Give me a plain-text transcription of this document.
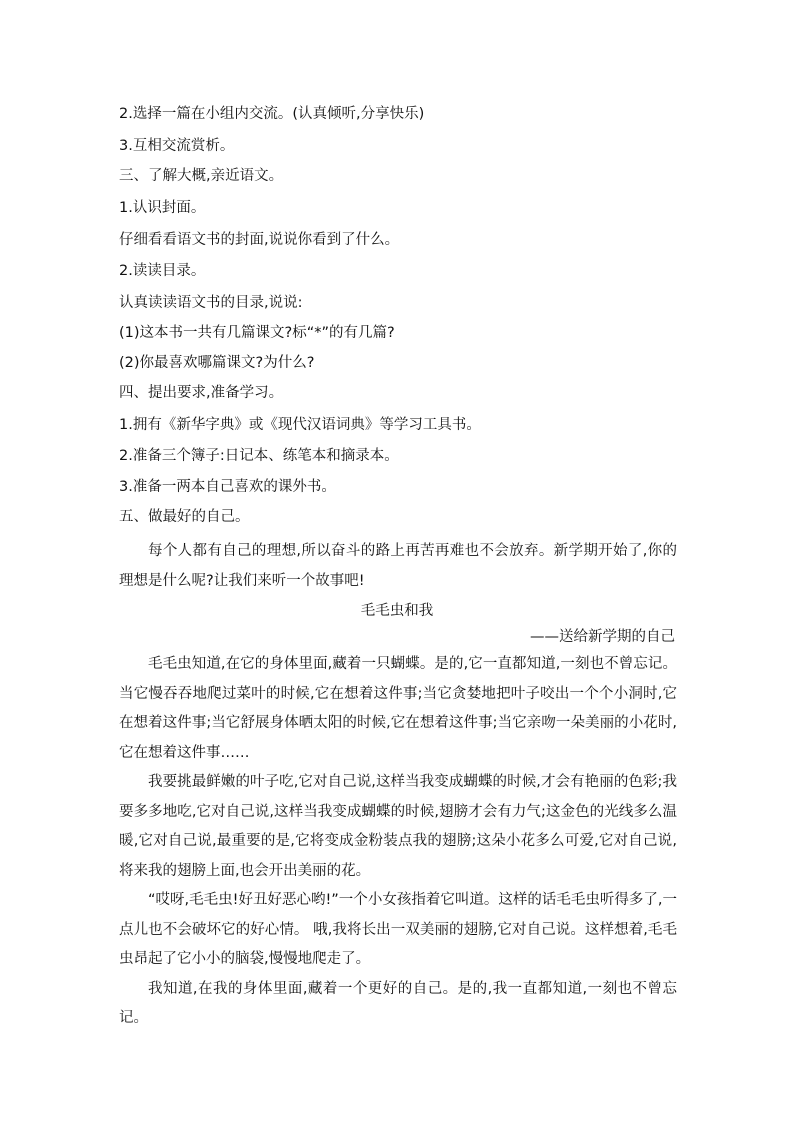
2.选择一篇在小组内交流。(认真倾听,分享快乐)
3.互相交流赏析。
三、了解大概,亲近语文。
1.认识封面。
仔细看看语文书的封面,说说你看到了什么。
2.读读目录。
认真读读语文书的目录,说说:
(1)这本书一共有几篇课文?标“*”的有几篇?
(2)你最喜欢哪篇课文?为什么?
四、提出要求,准备学习。
1.拥有《新华字典》或《现代汉语词典》等学习工具书。
2.准备三个簿子:日记本、练笔本和摘录本。
3.准备一两本自己喜欢的课外书。
五、做最好的自己。

每个人都有自己的理想,所以奋斗的路上再苦再难也不会放弃。新学期开始了,你的理想是什么呢?让我们来听一个故事吧!

毛毛虫和我
——送给新学期的自己

毛毛虫知道,在它的身体里面,藏着一只蝴蝶。是的,它一直都知道,一刻也不曾忘记。当它慢吞吞地爬过菜叶的时候,它在想着这件事;当它贪婪地把叶子咬出一个个小洞时,它在想着这件事;当它舒展身体晒太阳的时候,它在想着这件事;当它亲吻一朵美丽的小花时,它在想着这件事……

我要挑最鲜嫩的叶子吃,它对自己说,这样当我变成蝴蝶的时候,才会有艳丽的色彩;我要多多地吃,它对自己说,这样当我变成蝴蝶的时候,翅膀才会有力气;这金色的光线多么温暖,它对自己说,最重要的是,它将变成金粉装点我的翅膀;这朵小花多么可爱,它对自己说,将来我的翅膀上面,也会开出美丽的花。

“哎呀,毛毛虫!好丑好恶心哟!”一个小女孩指着它叫道。这样的话毛毛虫听得多了,一点儿也不会破坏它的好心情。 哦,我将长出一双美丽的翅膀,它对自己说。这样想着,毛毛虫昂起了它小小的脑袋,慢慢地爬走了。

我知道,在我的身体里面,藏着一个更好的自己。是的,我一直都知道,一刻也不曾忘记。
